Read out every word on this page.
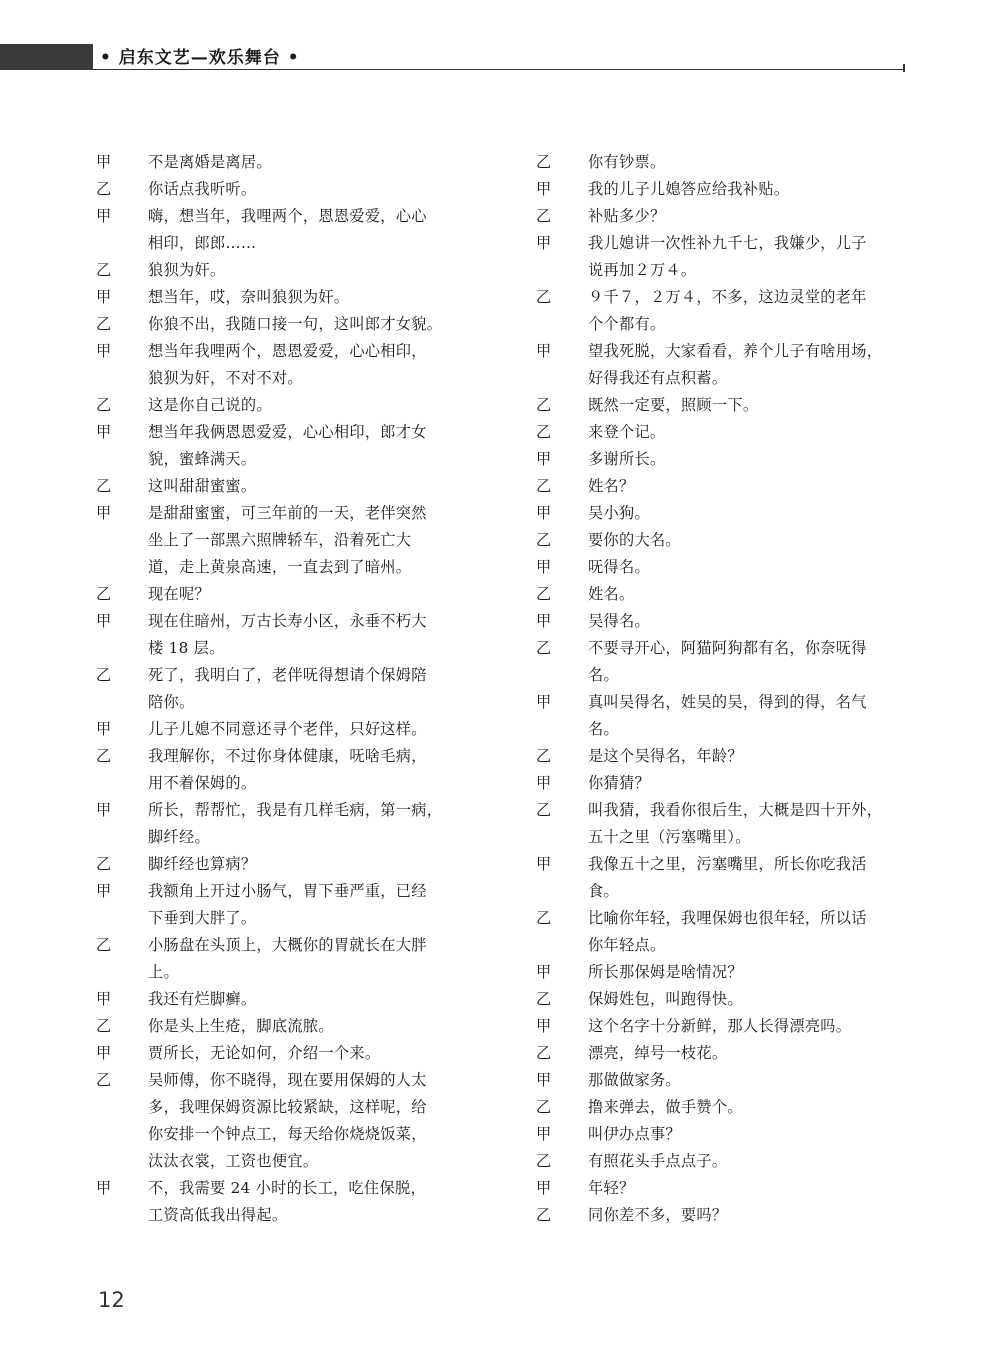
• 启东文艺—欢乐舞台 •
甲	不是离婚是离居。
乙	你话点我听听。
甲	嗨，想当年，我哩两个，恩恩爱爱，心心
相印，郎郎……
乙	狼狈为奸。
甲	想当年，哎，奈叫狼狈为奸。
乙	你狼不出，我随口接一句，这叫郎才女貌。
甲	想当年我哩两个，恩恩爱爱，心心相印，
狼狈为奸，不对不对。
乙	这是你自己说的。
甲	想当年我俩恩恩爱爱，心心相印，郎才女
貌，蜜蜂满天。
乙	这叫甜甜蜜蜜。
甲	是甜甜蜜蜜，可三年前的一天，老伴突然
坐上了一部黑六照牌轿车，沿着死亡大
道，走上黄泉高速，一直去到了暗州。
乙	现在呢？
甲	现在住暗州，万古长寿小区，永垂不朽大
楼 18 层。
乙	死了，我明白了，老伴呒得想请个保姆陪
陪你。
甲	儿子儿媳不同意还寻个老伴，只好这样。
乙	我理解你，不过你身体健康，呒啥毛病，
用不着保姆的。
甲	所长，帮帮忙，我是有几样毛病，第一病，
脚纤经。
乙	脚纤经也算病？
甲	我额角上开过小肠气，胃下垂严重，已经
下垂到大胖了。
乙	小肠盘在头顶上，大概你的胃就长在大胖
上。
甲	我还有烂脚癣。
乙	你是头上生疮，脚底流脓。
甲	贾所长，无论如何，介绍一个来。
乙	吴师傅，你不晓得，现在要用保姆的人太
多，我哩保姆资源比较紧缺，这样呢，给
你安排一个钟点工，每天给你烧烧饭菜，
汰汰衣裳，工资也便宜。
甲	不，我需要 24 小时的长工，吃住保脱，
工资高低我出得起。
乙	你有钞票。
甲	我的儿子儿媳答应给我补贴。
乙	补贴多少？
甲	我儿媳讲一次性补九千七，我嫌少，儿子
说再加２万４。
乙	９千７，２万４，不多，这边灵堂的老年
个个都有。
甲	望我死脱，大家看看，养个儿子有啥用场，
好得我还有点积蓄。
乙	既然一定要，照顾一下。
乙	来登个记。
甲	多谢所长。
乙	姓名？
甲	吴小狗。
乙	要你的大名。
甲	呒得名。
乙	姓名。
甲	吴得名。
乙	不要寻开心，阿猫阿狗都有名，你奈呒得
名。
甲	真叫吴得名，姓吴的吴，得到的得，名气
名。
乙	是这个吴得名，年龄？
甲	你猜猜？
乙	叫我猜，我看你很后生，大概是四十开外，
五十之里（污塞嘴里）。
甲	我像五十之里，污塞嘴里，所长你吃我活
食。
乙	比喻你年轻，我哩保姆也很年轻，所以话
你年轻点。
甲	所长那保姆是啥情况？
乙	保姆姓包，叫跑得快。
甲	这个名字十分新鲜，那人长得漂亮吗。
乙	漂亮，绰号一枝花。
甲	那做做家务。
乙	撸来弹去，做手赞个。
甲	叫伊办点事？
乙	有照花头手点点子。
甲	年轻？
乙	同你差不多，要吗？
12
